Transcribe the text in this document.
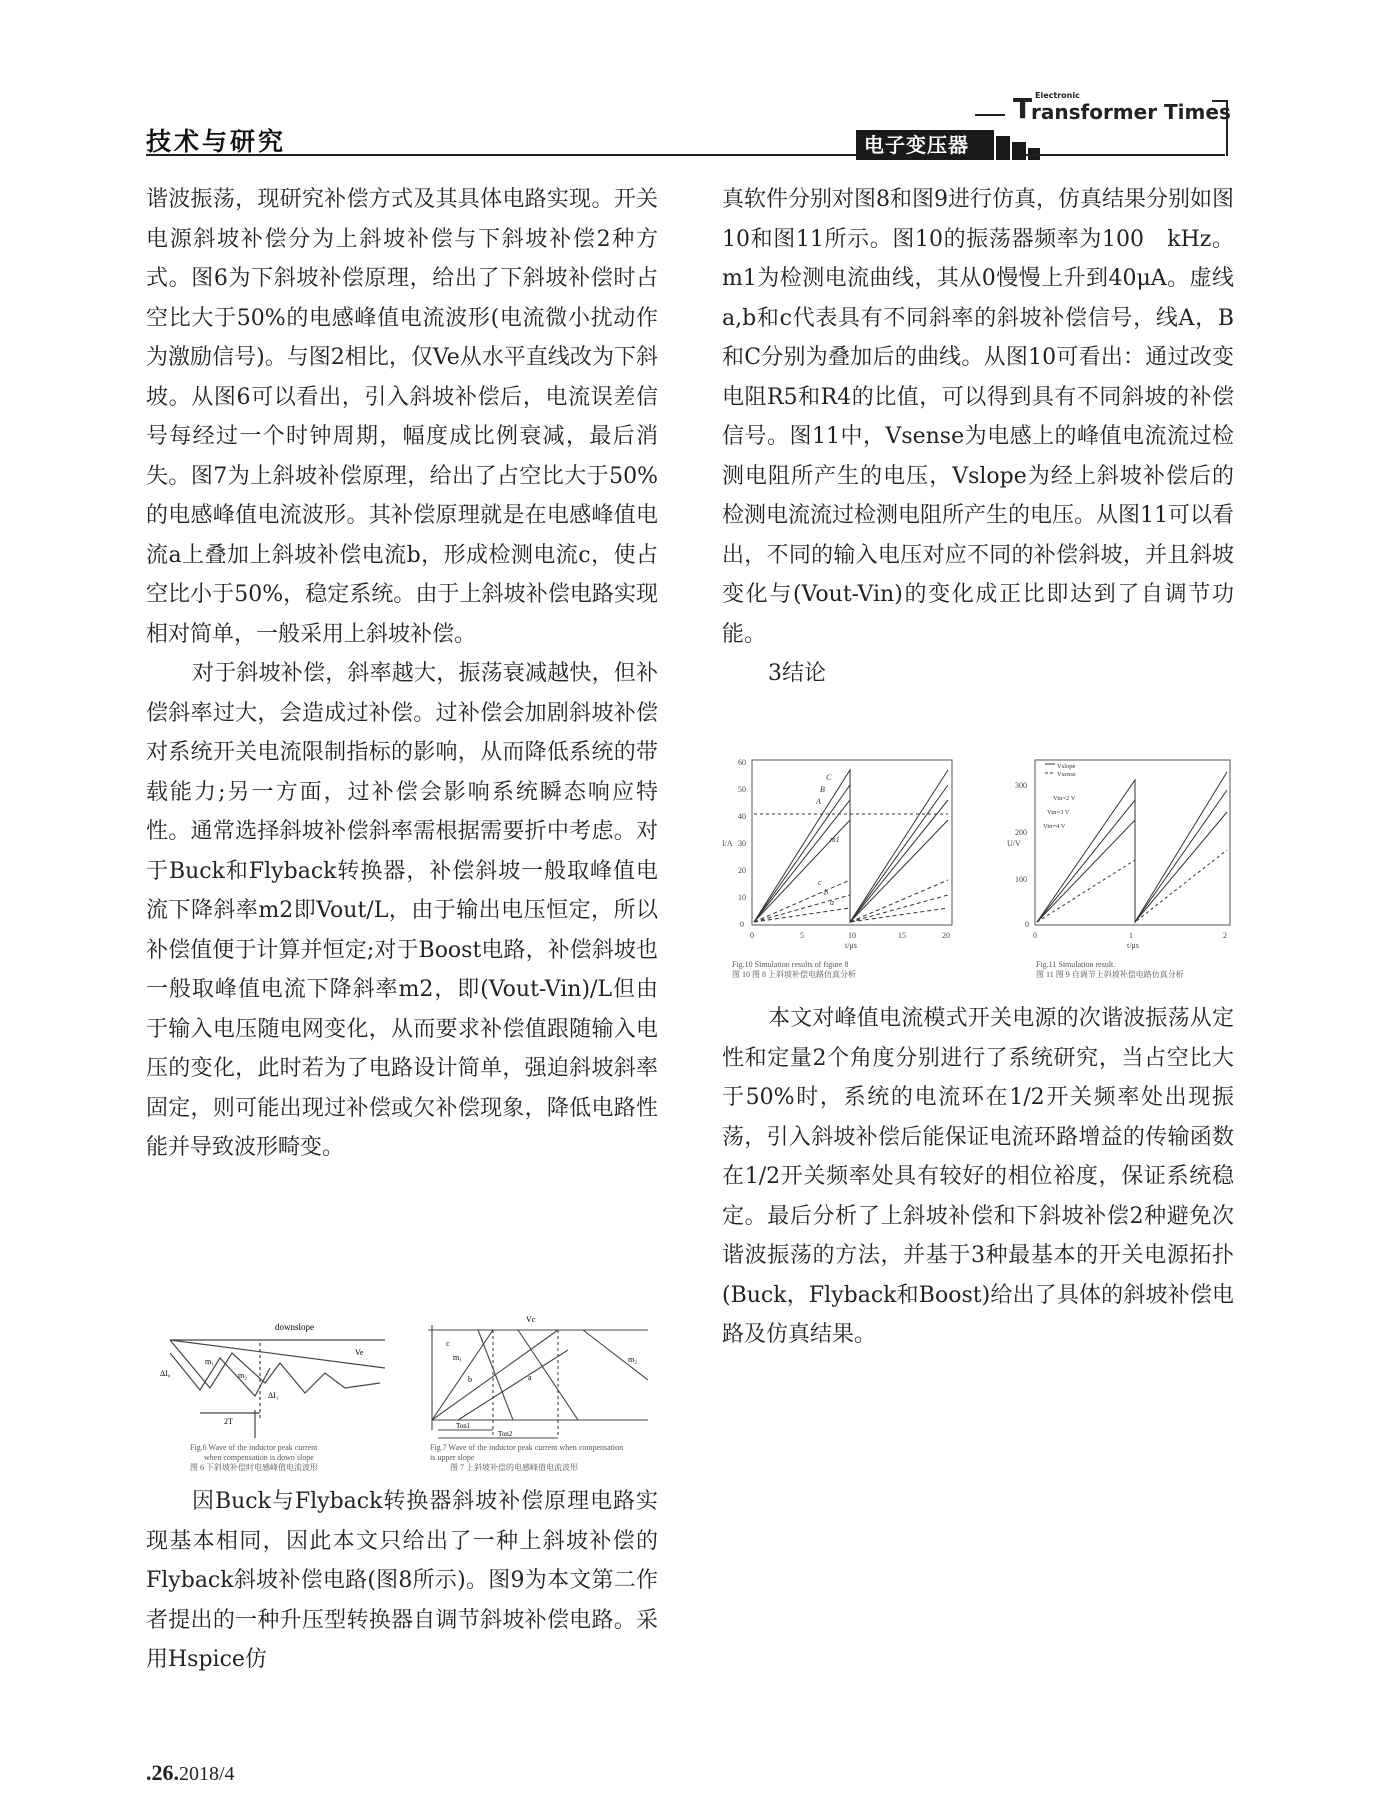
技术与研究	电子变压器
T Electronic
ransformer Times

谐波振荡，现研究补偿方式及其具体电路实现。开关电源斜坡补偿分为上斜坡补偿与下斜坡补偿2种方式。图6为下斜坡补偿原理，给出了下斜坡补偿时占空比大于50%的电感峰值电流波形(电流微小扰动作为激励信号)。与图2相比，仅Ve从水平直线改为下斜坡。从图6可以看出，引入斜坡补偿后，电流误差信号每经过一个时钟周期，幅度成比例衰减，最后消失。图7为上斜坡补偿原理，给出了占空比大于50%的电感峰值电流波形。其补偿原理就是在电感峰值电流a上叠加上斜坡补偿电流b，形成检测电流c，使占空比小于50%，稳定系统。由于上斜坡补偿电路实现相对简单，一般采用上斜坡补偿。

对于斜坡补偿，斜率越大，振荡衰减越快，但补偿斜率过大，会造成过补偿。过补偿会加剧斜坡补偿对系统开关电流限制指标的影响，从而降低系统的带载能力;另一方面，过补偿会影响系统瞬态响应特性。通常选择斜坡补偿斜率需根据需要折中考虑。对于Buck和Flyback转换器，补偿斜坡一般取峰值电流下降斜率m2即Vout/L，由于输出电压恒定，所以补偿值便于计算并恒定;对于Boost电路，补偿斜坡也一般取峰值电流下降斜率m2，即(Vout-Vin)/L但由于输入电压随电网变化，从而要求补偿值跟随输入电压的变化，此时若为了电路设计简单，强迫斜坡斜率固定，则可能出现过补偿或欠补偿现象，降低电路性能并导致波形畸变。

downslope
Ve
ΔI₀
2T
m₁
m₂
ΔI₁
Fig.6 Wave of the inductor peak current
when compensation is down slope
图 6 下斜坡补偿时电感峰值电流波形
Vc
m₁	m₂
c
b	a
Ton1
Ton2
Fig.7 Wave of the inductor peak current when compensation
is upper slope
图 7 上斜坡补偿的电感峰值电流波形

因Buck与Flyback转换器斜坡补偿原理电路实现基本相同，因此本文只给出了一种上斜坡补偿的Flyback斜坡补偿电路(图8所示)。图9为本文第二作者提出的一种升压型转换器自调节斜坡补偿电路。采用Hspice仿

真软件分别对图8和图9进行仿真，仿真结果分别如图10和图11所示。图10的振荡器频率为100　kHz。m1为检测电流曲线，其从0慢慢上升到40μA。虚线a,b和c代表具有不同斜率的斜坡补偿信号，线A，B和C分别为叠加后的曲线。从图10可看出：通过改变电阻R5和R4的比值，可以得到具有不同斜坡的补偿信号。图11中，Vsense为电感上的峰值电流流过检测电阻所产生的电压，Vslope为经上斜坡补偿后的检测电流流过检测电阻所产生的电压。从图11可以看出，不同的输入电压对应不同的补偿斜坡，并且斜坡变化与(Vout-Vin)的变化成正比即达到了自调节功能。

3结论

0
10
20
30
40
50
60
0	5	10	15	20
I/A
t/μs
C
B
A
m1
c
b
a
Fig.10 Simulation results of figure 8
图 10 图 8 上斜坡补偿电路仿真分析
0
100
200
300
0	1	2
U/V
t/μs
Vslope
Vsense
Vin=2 V
Vin=3 V
Vin=4 V
Fig.11 Simulation result.
图 11 图 9 自调节上斜坡补偿电路仿真分析

本文对峰值电流模式开关电源的次谐波振荡从定性和定量2个角度分别进行了系统研究，当占空比大于50%时，系统的电流环在1/2开关频率处出现振荡，引入斜坡补偿后能保证电流环路增益的传输函数在1/2开关频率处具有较好的相位裕度，保证系统稳定。最后分析了上斜坡补偿和下斜坡补偿2种避免次谐波振荡的方法，并基于3种最基本的开关电源拓扑(Buck，Flyback和Boost)给出了具体的斜坡补偿电路及仿真结果。

.26.2018/4
